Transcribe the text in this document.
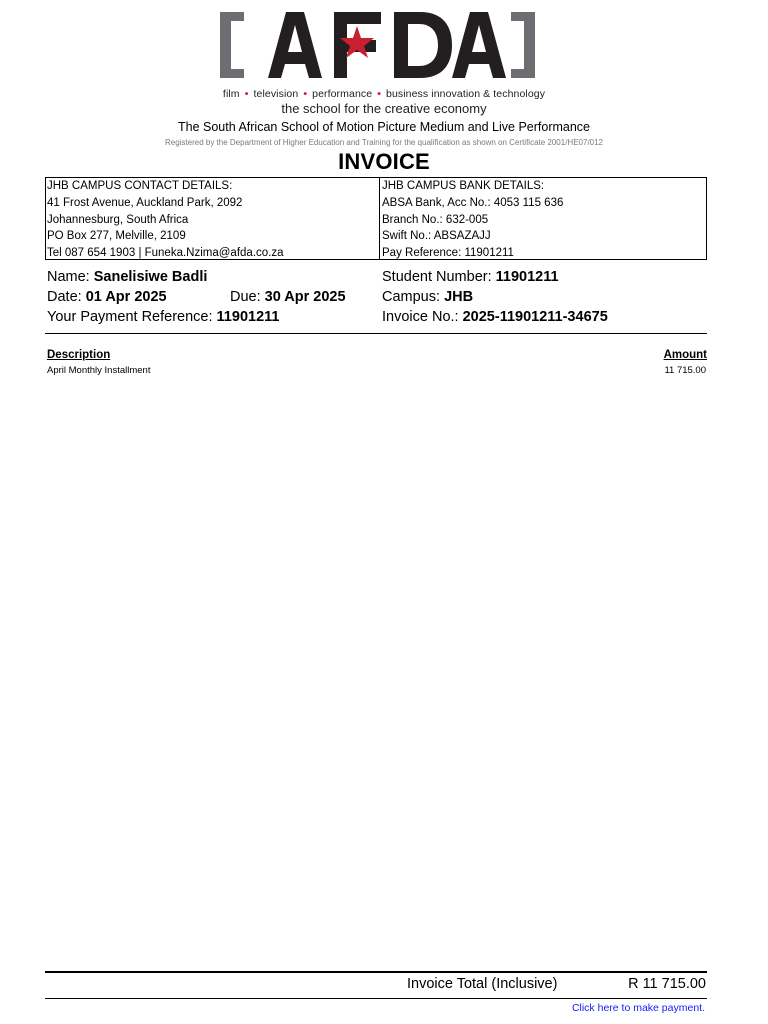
film • television • performance • business innovation & technology
the school for the creative economy
The South African School of Motion Picture Medium and Live Performance
Registered by the Department of Higher Education and Training for the qualification as shown on Certificate 2001/HE07/012
INVOICE
JHB CAMPUS CONTACT DETAILS:
41 Frost Avenue, Auckland Park, 2092
Johannesburg, South Africa
PO Box 277, Melville, 2109
Tel 087 654 1903 | Funeka.Nzima@afda.co.za
JHB CAMPUS BANK DETAILS:
ABSA Bank, Acc No.: 4053 115 636
Branch No.: 632-005
Swift No.: ABSAZAJJ
Pay Reference: 11901211
Name: Sanelisiwe Badli	Student Number: 11901211
Date: 01 Apr 2025	Due: 30 Apr 2025	Campus: JHB
Your Payment Reference: 11901211	Invoice No.: 2025-11901211-34675
Description	Amount
April Monthly Installment	11 715.00
Invoice Total (Inclusive)	R 11 715.00
Click here to make payment.
